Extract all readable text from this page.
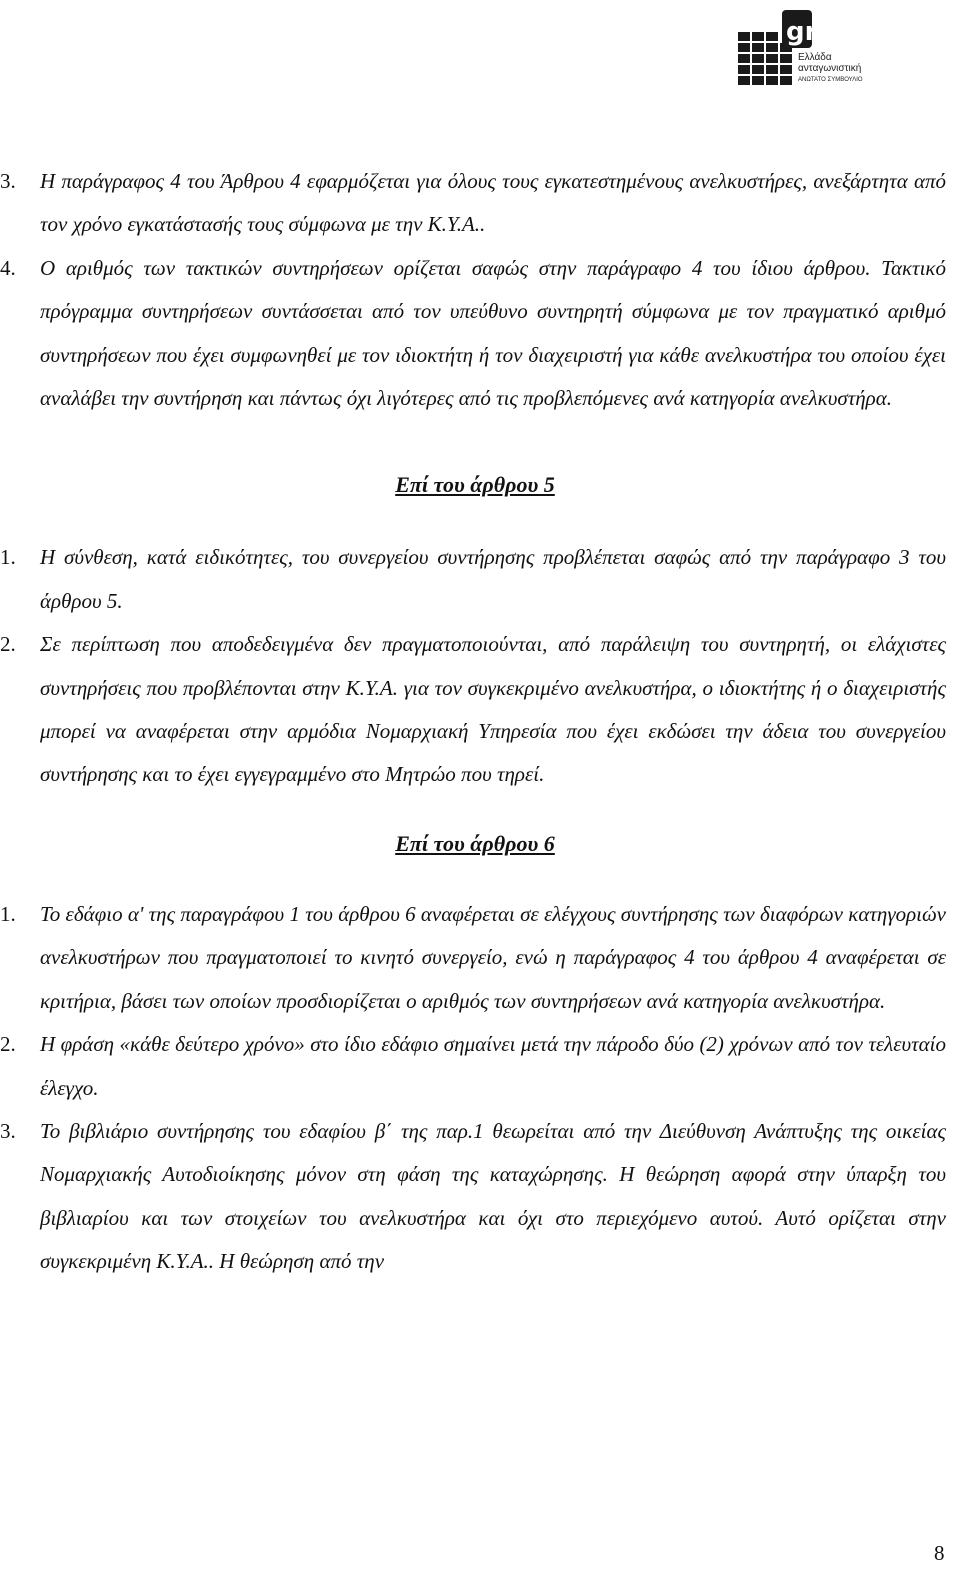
gr
Ελλάδα
ανταγωνιστική
ΑΝΩΤΑΤΟ ΣΥΜΒΟΥΛΙΟ
3. Η παράγραφος 4 του Άρθρου 4 εφαρμόζεται για όλους τους εγκατεστημένους ανελκυστήρες, ανεξάρτητα από τον χρόνο εγκατάστασής τους σύμφωνα με την Κ.Υ.Α..
4. Ο αριθμός των τακτικών συντηρήσεων ορίζεται σαφώς στην παράγραφο 4 του ίδιου άρθρου. Τακτικό πρόγραμμα συντηρήσεων συντάσσεται από τον υπεύθυνο συντηρητή σύμφωνα με τον πραγματικό αριθμό συντηρήσεων που έχει συμφωνηθεί με τον ιδιοκτήτη ή τον διαχειριστή για κάθε ανελκυστήρα του οποίου έχει αναλάβει την συντήρηση και πάντως όχι λιγότερες από τις προβλεπόμενες ανά κατηγορία ανελκυστήρα.
Επί του άρθρου 5
1. Η σύνθεση, κατά ειδικότητες, του συνεργείου συντήρησης προβλέπεται σαφώς από την παράγραφο 3 του άρθρου 5.
2. Σε περίπτωση που αποδεδειγμένα δεν πραγματοποιούνται, από παράλειψη του συντηρητή, οι ελάχιστες συντηρήσεις που προβλέπονται στην Κ.Υ.Α. για τον συγκεκριμένο ανελκυστήρα, ο ιδιοκτήτης ή ο διαχειριστής μπορεί να αναφέρεται στην αρμόδια Νομαρχιακή Υπηρεσία που έχει εκδώσει την άδεια του συνεργείου συντήρησης και το έχει εγγεγραμμένο στο Μητρώο που τηρεί.
Επί του άρθρου 6
1. Το εδάφιο α' της παραγράφου 1 του άρθρου 6 αναφέρεται σε ελέγχους συντήρησης των διαφόρων κατηγοριών ανελκυστήρων που πραγματοποιεί το κινητό συνεργείο, ενώ η παράγραφος 4 του άρθρου 4 αναφέρεται σε κριτήρια, βάσει των οποίων προσδιορίζεται ο αριθμός των συντηρήσεων ανά κατηγορία ανελκυστήρα.
2. Η φράση «κάθε δεύτερο χρόνο» στο ίδιο εδάφιο σημαίνει μετά την πάροδο δύο (2) χρόνων από τον τελευταίο έλεγχο.
3. Το βιβλιάριο συντήρησης του εδαφίου β΄ της παρ.1 θεωρείται από την Διεύθυνση Ανάπτυξης της οικείας Νομαρχιακής Αυτοδιοίκησης μόνον στη φάση της καταχώρησης. Η θεώρηση αφορά στην ύπαρξη του βιβλιαρίου και των στοιχείων του ανελκυστήρα και όχι στο περιεχόμενο αυτού. Αυτό ορίζεται στην συγκεκριμένη Κ.Υ.Α.. Η θεώρηση από την
8
